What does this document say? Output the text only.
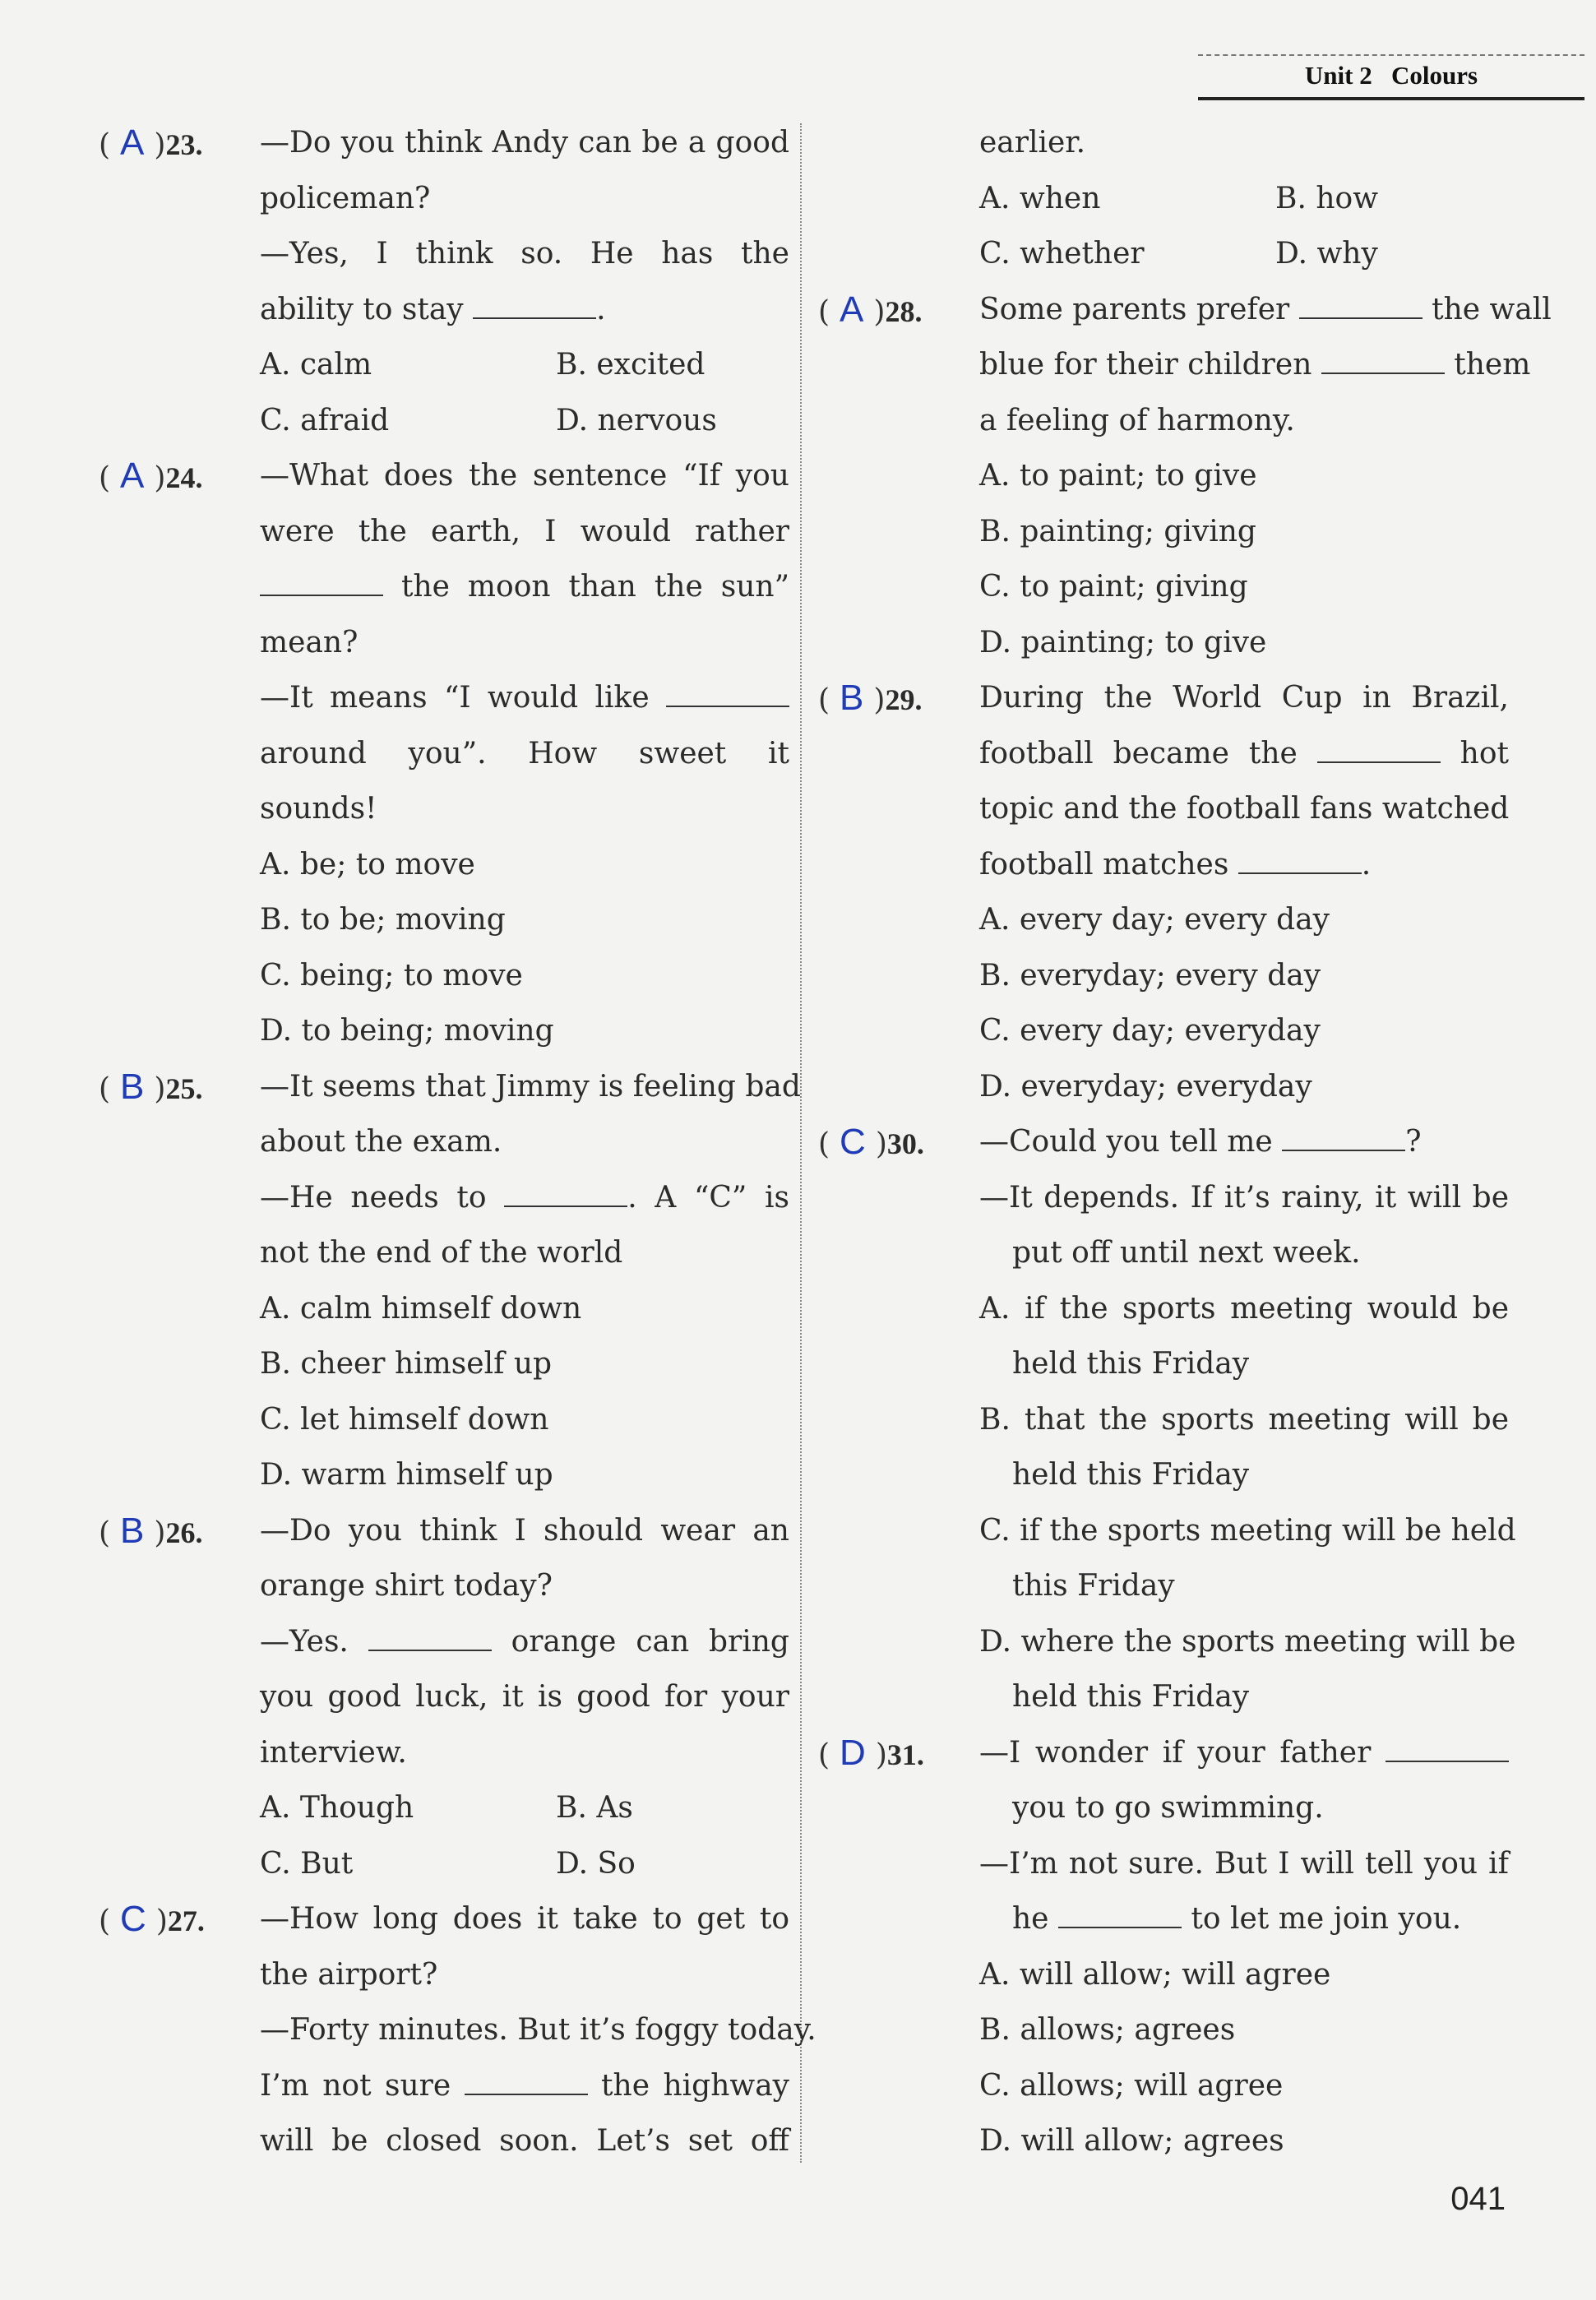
Unit 2 Colours
( A )23.	—Do you think Andy can be a good
policeman?
—Yes, I think so. He has the
ability to stay	.
A. calm	B. excited
C. afraid	D. nervous
( A )24.	—What does the sentence “If you
were the earth, I would rather
the moon than the sun”
mean?
—It means “I would like
around you”. How sweet it
sounds!
A. be; to move
B. to be; moving
C. being; to move
D. to being; moving
( B )25.	—It seems that Jimmy is feeling bad
about the exam.
—He needs to	. A “C” is
not the end of the world
A. calm himself down
B. cheer himself up
C. let himself down
D. warm himself up
( B )26.	—Do you think I should wear an
orange shirt today?
—Yes.	orange can bring
you good luck, it is good for your
interview.
A. Though	B. As
C. But	D. So
( C )27.	—How long does it take to get to
the airport?
—Forty minutes. But it’s foggy today.
I’m not sure	the highway
will be closed soon. Let’s set off
earlier.
A. when	B. how
C. whether	D. why
( A )28.	Some parents prefer	the wall
blue for their children	them
a feeling of harmony.
A. to paint; to give
B. painting; giving
C. to paint; giving
D. painting; to give
( B )29.	During the World Cup in Brazil,
football became the	hot
topic and the football fans watched
football matches	.
A. every day; every day
B. everyday; every day
C. every day; everyday
D. everyday; everyday
( C )30.	—Could you tell me	?
—It depends. If it’s rainy, it will be
put off until next week.
A. if the sports meeting would be
held this Friday
B. that the sports meeting will be
held this Friday
C. if the sports meeting will be held
this Friday
D. where the sports meeting will be
held this Friday
( D )31.	—I wonder if your father
you to go swimming.
—I’m not sure. But I will tell you if
he	to let me join you.
A. will allow; will agree
B. allows; agrees
C. allows; will agree
D. will allow; agrees
041
